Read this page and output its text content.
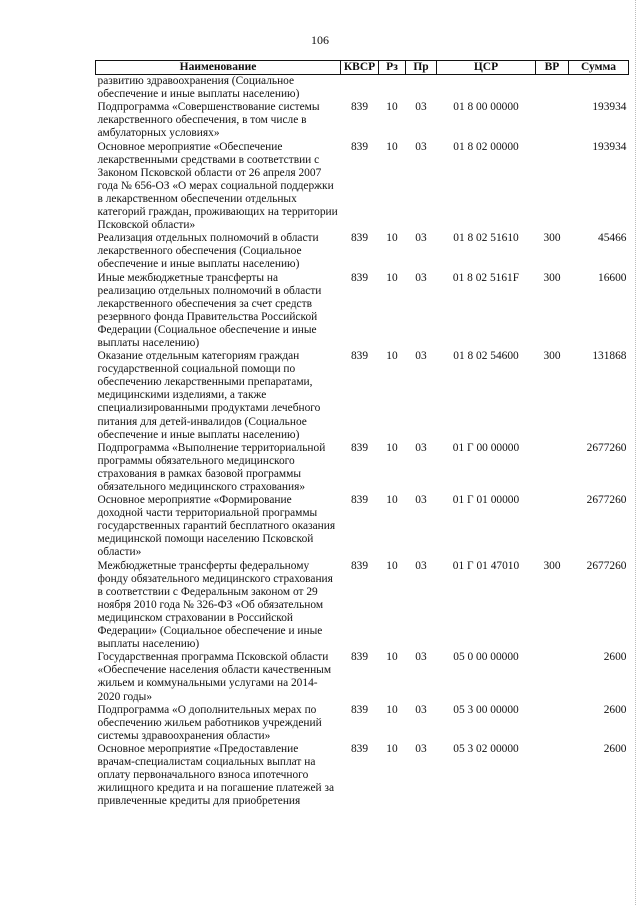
106
Наименование	КВСР	Рз	Пр	ЦСР	ВР	Сумма
развитию здравоохранения (Социальное обеспечение и иные выплаты населению)						
Подпрограмма «Совершенствование системы лекарственного обеспечения, в том числе в амбулаторных условиях»	839	10	03	01 8 00 00000		193934
Основное мероприятие «Обеспечение лекарственными средствами в соответствии с Законом Псковской области от 26 апреля 2007 года № 656-ОЗ «О мерах социальной поддержки в лекарственном обеспечении отдельных категорий граждан, проживающих на территории Псковской области»	839	10	03	01 8 02 00000		193934
Реализация отдельных полномочий в области лекарственного обеспечения (Социальное обеспечение и иные выплаты населению)	839	10	03	01 8 02 51610	300	45466
Иные межбюджетные трансферты на реализацию отдельных полномочий в области лекарственного обеспечения за счет средств резервного фонда Правительства Российской Федерации (Социальное обеспечение и иные выплаты населению)	839	10	03	01 8 02 5161F	300	16600
Оказание отдельным категориям граждан государственной социальной помощи по обеспечению лекарственными препаратами, медицинскими изделиями, а также специализированными продуктами лечебного питания для детей-инвалидов (Социальное обеспечение и иные выплаты населению)	839	10	03	01 8 02 54600	300	131868
Подпрограмма «Выполнение территориальной программы обязательного медицинского страхования в рамках базовой программы обязательного медицинского страхования»	839	10	03	01 Г 00 00000		2677260
Основное мероприятие «Формирование доходной части территориальной программы государственных гарантий бесплатного оказания медицинской помощи населению Псковской области»	839	10	03	01 Г 01 00000		2677260
Межбюджетные трансферты федеральному фонду обязательного медицинского страхования в соответствии с Федеральным законом от 29 ноября 2010 года № 326-ФЗ «Об обязательном медицинском страховании в Российской Федерации» (Социальное обеспечение и иные выплаты населению)	839	10	03	01 Г 01 47010	300	2677260
Государственная программа Псковской области «Обеспечение населения области качественным жильем и коммунальными услугами на 2014-2020 годы»	839	10	03	05 0 00 00000		2600
Подпрограмма «О дополнительных мерах по обеспечению жильем работников учреждений системы здравоохранения области»	839	10	03	05 3 00 00000		2600
Основное мероприятие «Предоставление врачам-специалистам социальных выплат на оплату первоначального взноса ипотечного жилищного кредита и на погашение платежей за привлеченные кредиты для приобретения	839	10	03	05 3 02 00000		2600
